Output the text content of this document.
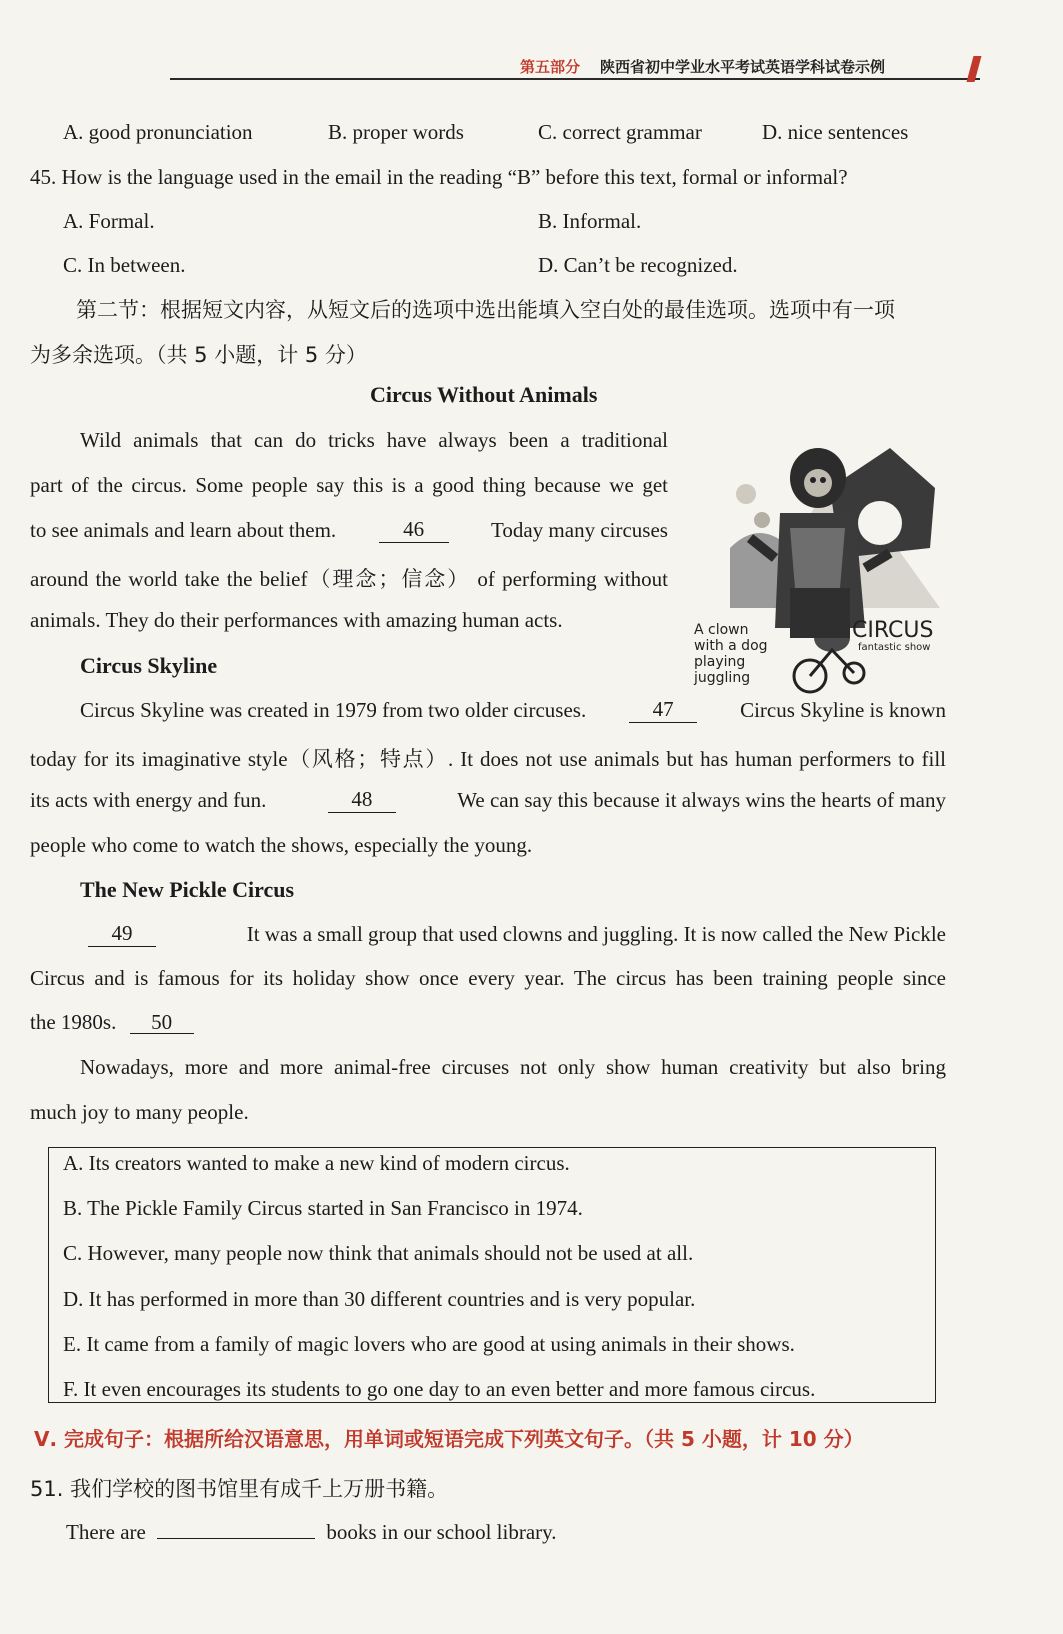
第五部分 陕西省初中学业水平考试英语学科试卷示例
A. good pronunciation	B. proper words	C. correct grammar	D. nice sentences
45. How is the language used in the email in the reading “B” before this text, formal or informal?
A. Formal.	B. Informal.
C. In between.	D. Can’t be recognized.
第二节：根据短文内容，从短文后的选项中选出能填入空白处的最佳选项。选项中有一项
为多余选项。（共 5 小题，计 5 分）
Circus Without Animals
Wild animals that can do tricks have always been a traditional
part of the circus. Some people say this is a good thing because we get
to see animals and learn about them.	46	Today many circuses
around the world take the belief（理念；信念） of performing without
animals. They do their performances with amazing human acts.
Circus Skyline
Circus Skyline was created in 1979 from two older circuses.	47	Circus Skyline is known
today for its imaginative style（风格；特点）. It does not use animals but has human performers to fill
its acts with energy and fun.	48	We can say this because it always wins the hearts of many
people who come to watch the shows, especially the young.
The New Pickle Circus
49	It was a small group that used clowns and juggling. It is now called the New Pickle
Circus and is famous for its holiday show once every year. The circus has been training people since
the 1980s. 50
Nowadays, more and more animal-free circuses not only show human creativity but also bring
much joy to many people.
A clown
with a dog
playing
juggling
CIRCUS
fantastic show
A. Its creators wanted to make a new kind of modern circus.
B. The Pickle Family Circus started in San Francisco in 1974.
C. However, many people now think that animals should not be used at all.
D. It has performed in more than 30 different countries and is very popular.
E. It came from a family of magic lovers who are good at using animals in their shows.
F. It even encourages its students to go one day to an even better and more famous circus.
Ⅴ. 完成句子：根据所给汉语意思，用单词或短语完成下列英文句子。（共 5 小题，计 10 分）
51. 我们学校的图书馆里有成千上万册书籍。
There are	books in our school library.
